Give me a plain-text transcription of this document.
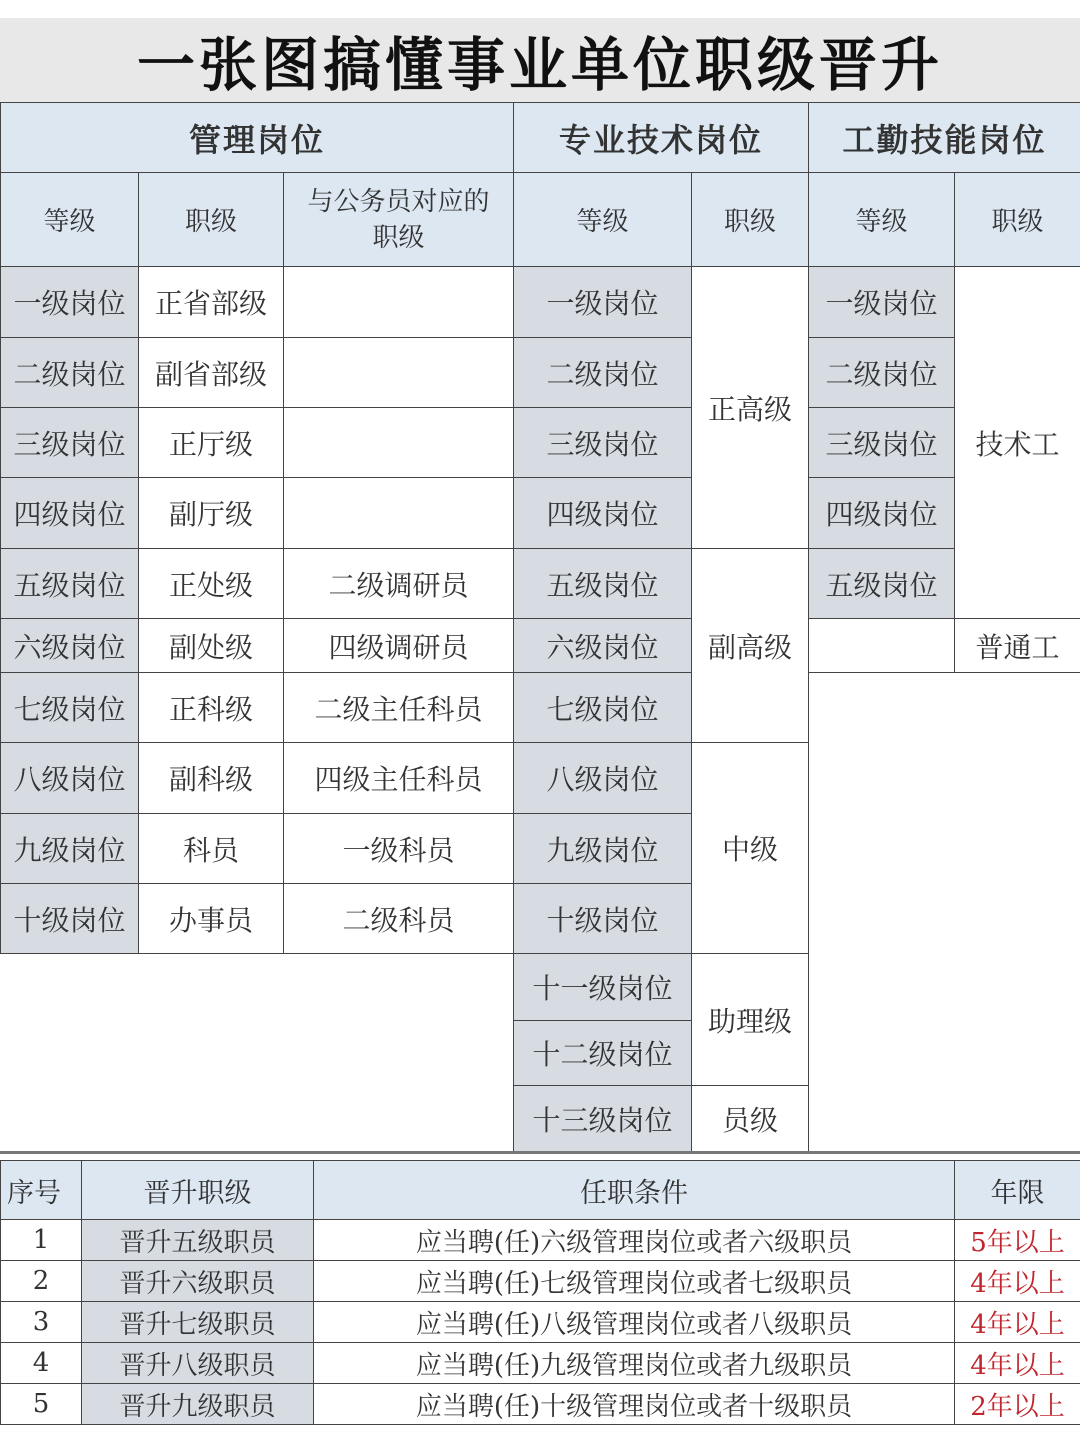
一张图搞懂事业单位职级晋升
管理岗位			专业技术岗位		工勤技能岗位	
等级	职级	与公务员对应的职级	等级	职级	等级	职级
一级岗位	正省部级		一级岗位	正高级	一级岗位	技术工
二级岗位	副省部级		二级岗位		二级岗位	
三级岗位	正厅级		三级岗位		三级岗位	
四级岗位	副厅级		四级岗位		四级岗位	
五级岗位	正处级	二级调研员	五级岗位	副高级	五级岗位	
六级岗位	副处级	四级调研员	六级岗位			普通工
七级岗位	正科级	二级主任科员	七级岗位			
八级岗位	副科级	四级主任科员	八级岗位	中级		
九级岗位	科员	一级科员	九级岗位			
十级岗位	办事员	二级科员	十级岗位			
			十一级岗位	助理级		
			十二级岗位			
			十三级岗位	员级		
序号	晋升职级	任职条件	年限
1	晋升五级职员	应当聘(任)六级管理岗位或者六级职员	5年以上
2	晋升六级职员	应当聘(任)七级管理岗位或者七级职员	4年以上
3	晋升七级职员	应当聘(任)八级管理岗位或者八级职员	4年以上
4	晋升八级职员	应当聘(任)九级管理岗位或者九级职员	4年以上
5	晋升九级职员	应当聘(任)十级管理岗位或者十级职员	2年以上
